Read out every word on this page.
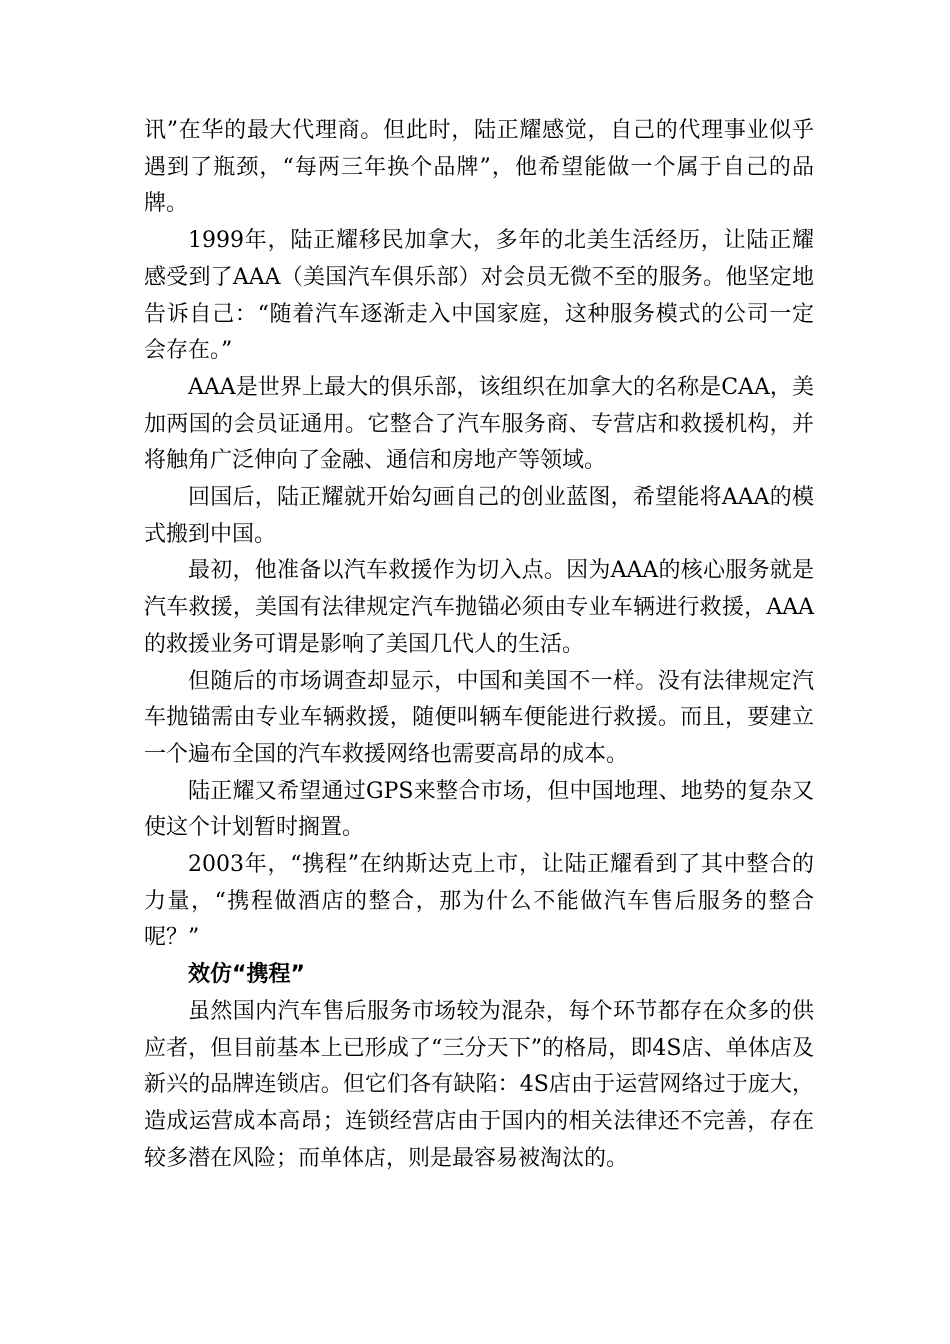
讯”在华的最大代理商。但此时，陆正耀感觉，自己的代理事业似乎遇到了瓶颈，“每两三年换个品牌”，他希望能做一个属于自己的品牌。

1999年，陆正耀移民加拿大，多年的北美生活经历，让陆正耀感受到了AAA（美国汽车俱乐部）对会员无微不至的服务。他坚定地告诉自己：“随着汽车逐渐走入中国家庭，这种服务模式的公司一定会存在。”

AAA是世界上最大的俱乐部，该组织在加拿大的名称是CAA，美加两国的会员证通用。它整合了汽车服务商、专营店和救援机构，并将触角广泛伸向了金融、通信和房地产等领域。

回国后，陆正耀就开始勾画自己的创业蓝图，希望能将AAA的模式搬到中国。

最初，他准备以汽车救援作为切入点。因为AAA的核心服务就是汽车救援，美国有法律规定汽车抛锚必须由专业车辆进行救援，AAA的救援业务可谓是影响了美国几代人的生活。

但随后的市场调查却显示，中国和美国不一样。没有法律规定汽车抛锚需由专业车辆救援，随便叫辆车便能进行救援。而且，要建立一个遍布全国的汽车救援网络也需要高昂的成本。

陆正耀又希望通过GPS来整合市场，但中国地理、地势的复杂又使这个计划暂时搁置。

2003年，“携程”在纳斯达克上市，让陆正耀看到了其中整合的力量，“携程做酒店的整合，那为什么不能做汽车售后服务的整合呢？”

效仿“携程”

虽然国内汽车售后服务市场较为混杂，每个环节都存在众多的供应者，但目前基本上已形成了“三分天下”的格局，即4S店、单体店及新兴的品牌连锁店。但它们各有缺陷：4S店由于运营网络过于庞大，造成运营成本高昂；连锁经营店由于国内的相关法律还不完善，存在较多潜在风险；而单体店，则是最容易被淘汰的。
